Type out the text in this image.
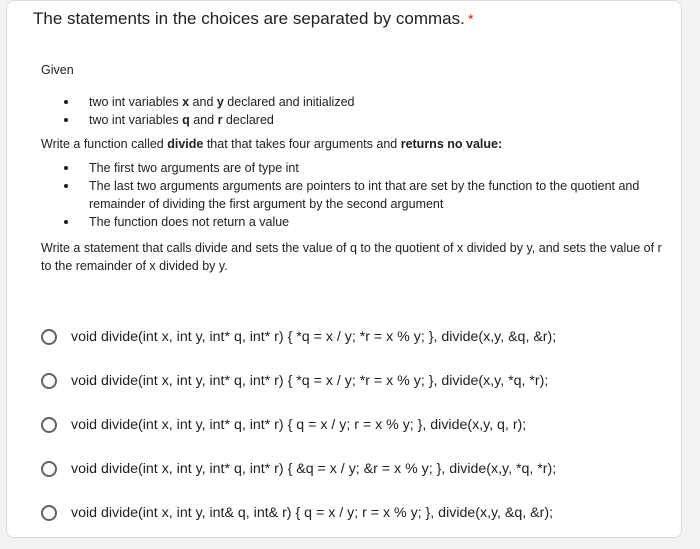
The statements in the choices are separated by commas. *

Given

two int variables x and y declared and initialized
two int variables q and r declared

Write a function called divide that that takes four arguments and returns no value:

The first two arguments are of type int
The last two arguments arguments are pointers to int that are set by the function to the quotient and remainder of dividing the first argument by the second argument
The function does not return a value

Write a statement that calls divide and sets the value of q to the quotient of x divided by y, and sets the value of r to the remainder of x divided by y.

void divide(int x, int y, int* q, int* r) { *q = x / y; *r = x % y; }, divide(x,y, &q, &r);
void divide(int x, int y, int* q, int* r) { *q = x / y; *r = x % y; }, divide(x,y, *q, *r);
void divide(int x, int y, int* q, int* r) { q = x / y; r = x % y; }, divide(x,y, q, r);
void divide(int x, int y, int* q, int* r) { &q = x / y; &r = x % y; }, divide(x,y, *q, *r);
void divide(int x, int y, int& q, int& r) { q = x / y; r = x % y; }, divide(x,y, &q, &r);
